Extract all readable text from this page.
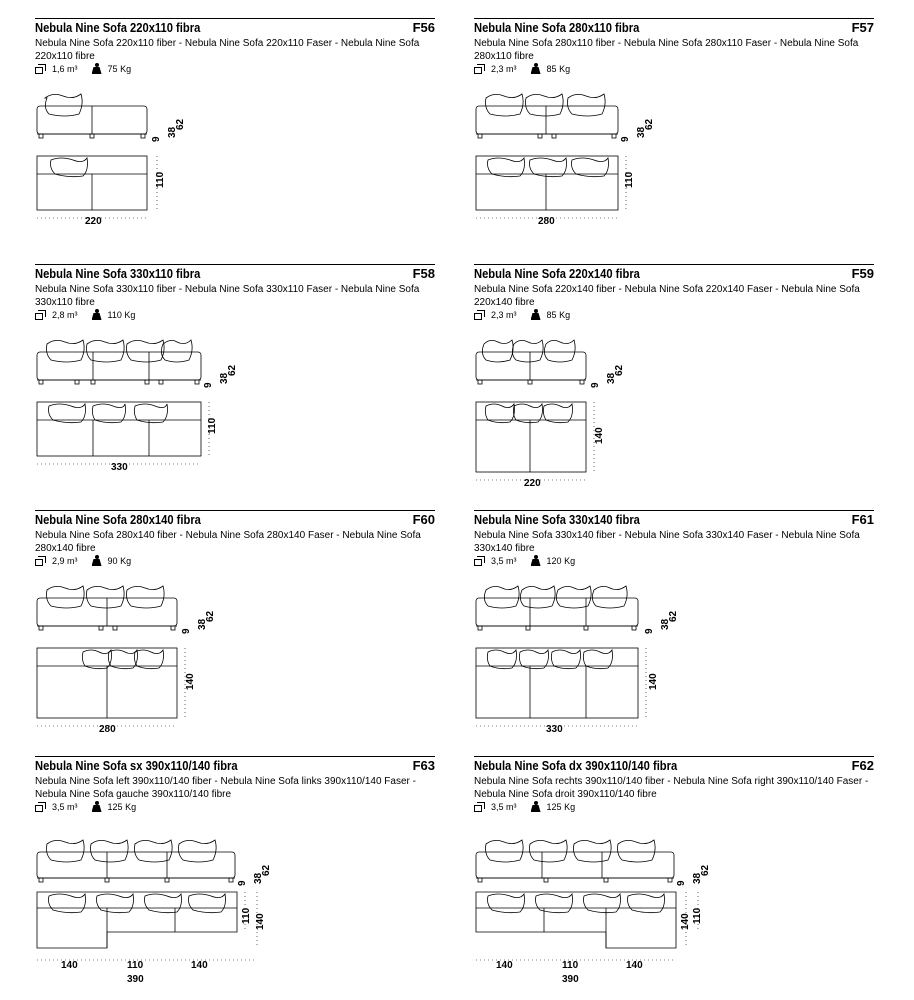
Nebula Nine Sofa 220x110 fibra	F56
Nebula Nine Sofa 220x110 fiber - Nebula Nine Sofa 220x110 Faser - Nebula Nine Sofa 220x110 fibre
1,6 m³	75 Kg
220
110
62
38
9
Nebula Nine Sofa 280x110 fibra	F57
Nebula Nine Sofa 280x110 fiber - Nebula Nine Sofa 280x110 Faser - Nebula Nine Sofa 280x110 fibre
2,3 m³	85 Kg
280
110
62
38
9
Nebula Nine Sofa 330x110 fibra	F58
Nebula Nine Sofa 330x110 fiber - Nebula Nine Sofa 330x110 Faser - Nebula Nine Sofa 330x110 fibre
2,8 m³	110 Kg
330
110
62
38
9
Nebula Nine Sofa 220x140 fibra	F59
Nebula Nine Sofa 220x140 fiber - Nebula Nine Sofa 220x140 Faser - Nebula Nine Sofa 220x140 fibre
2,3 m³	85 Kg
220
140
62
38
9
Nebula Nine Sofa 280x140 fibra	F60
Nebula Nine Sofa 280x140 fiber - Nebula Nine Sofa 280x140 Faser - Nebula Nine Sofa 280x140 fibre
2,9 m³	90 Kg
280
140
62
38
9
Nebula Nine Sofa 330x140 fibra	F61
Nebula Nine Sofa 330x140 fiber - Nebula Nine Sofa 330x140 Faser - Nebula Nine Sofa 330x140 fibre
3,5 m³	120 Kg
330
140
62
38
9
Nebula Nine Sofa sx 390x110/140 fibra	F63
Nebula Nine Sofa left 390x110/140 fiber - Nebula Nine Sofa links 390x110/140 Faser - Nebula Nine Sofa gauche 390x110/140 fibre
3,5 m³	125 Kg
140	110	140
390
110 140
62
38
9
Nebula Nine Sofa dx 390x110/140 fibra	F62
Nebula Nine Sofa rechts 390x110/140 fiber - Nebula Nine Sofa right 390x110/140 Faser - Nebula Nine Sofa droit 390x110/140 fibre
3,5 m³	125 Kg
140	110	140
390
140 110
62
38
9
